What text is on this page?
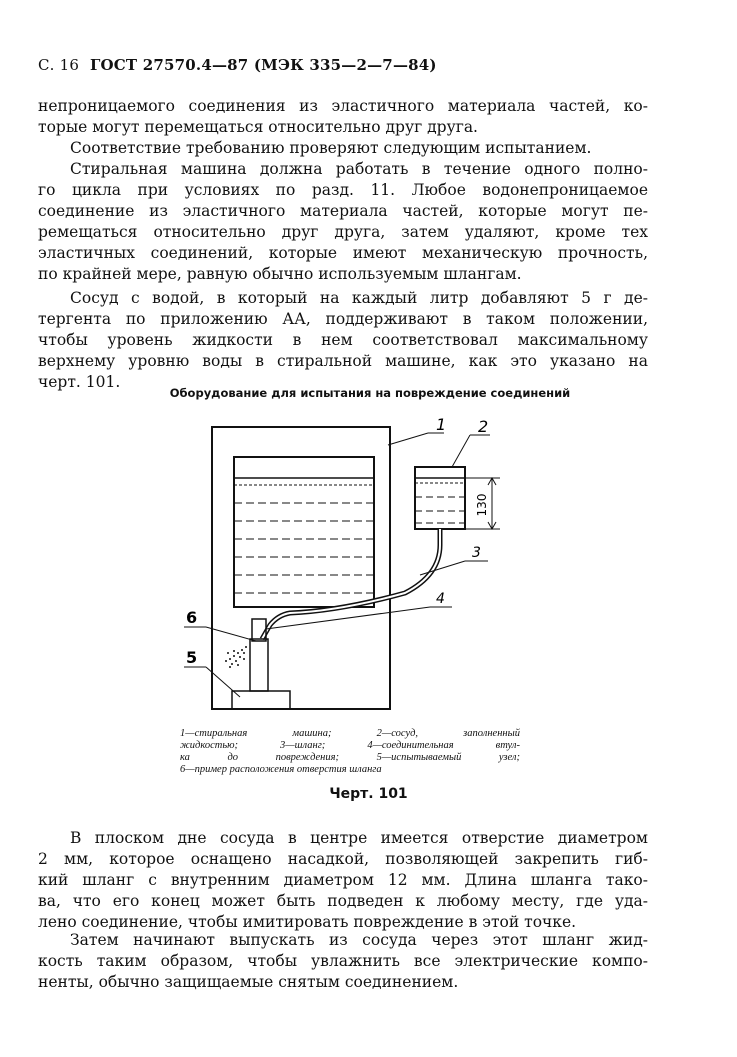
С. 16 ГОСТ 27570.4—87 (МЭК 335—2—7—84)
непроницаемого соединения из эластичного материала частей, ко-
торые могут перемещаться относительно друг друга.
Соответствие требованию проверяют следующим испытанием.
Стиральная машина должна работать в течение одного полно-
го цикла при условиях по разд. 11. Любое водонепроницаемое
соединение из эластичного материала частей, которые могут пе-
ремещаться относительно друг друга, затем удаляют, кроме тех
эластичных соединений, которые имеют механическую прочность,
по крайней мере, равную обычно используемым шлангам.
Сосуд с водой, в который на каждый литр добавляют 5 г де-
тергента по приложению АА, поддерживают в таком положении,
чтобы уровень жидкости в нем соответствовал максимальному
верхнему уровню воды в стиральной машине, как это указано на
черт. 101.
Оборудование для испытания на повреждение соединений
130
1 2
3
4
5
6
1—стиральная машина; 2—сосуд, заполненный
жидкостью; 3—шланг; 4—соединительная втул-
ка до повреждения; 5—испытываемый узел;
6—пример расположения отверстия шланга
Черт. 101
В плоском дне сосуда в центре имеется отверстие диаметром
2 мм, которое оснащено насадкой, позволяющей закрепить гиб-
кий шланг с внутренним диаметром 12 мм. Длина шланга тако-
ва, что его конец может быть подведен к любому месту, где уда-
лено соединение, чтобы имитировать повреждение в этой точке.
Затем начинают выпускать из сосуда через этот шланг жид-
кость таким образом, чтобы увлажнить все электрические компо-
ненты, обычно защищаемые снятым соединением.
